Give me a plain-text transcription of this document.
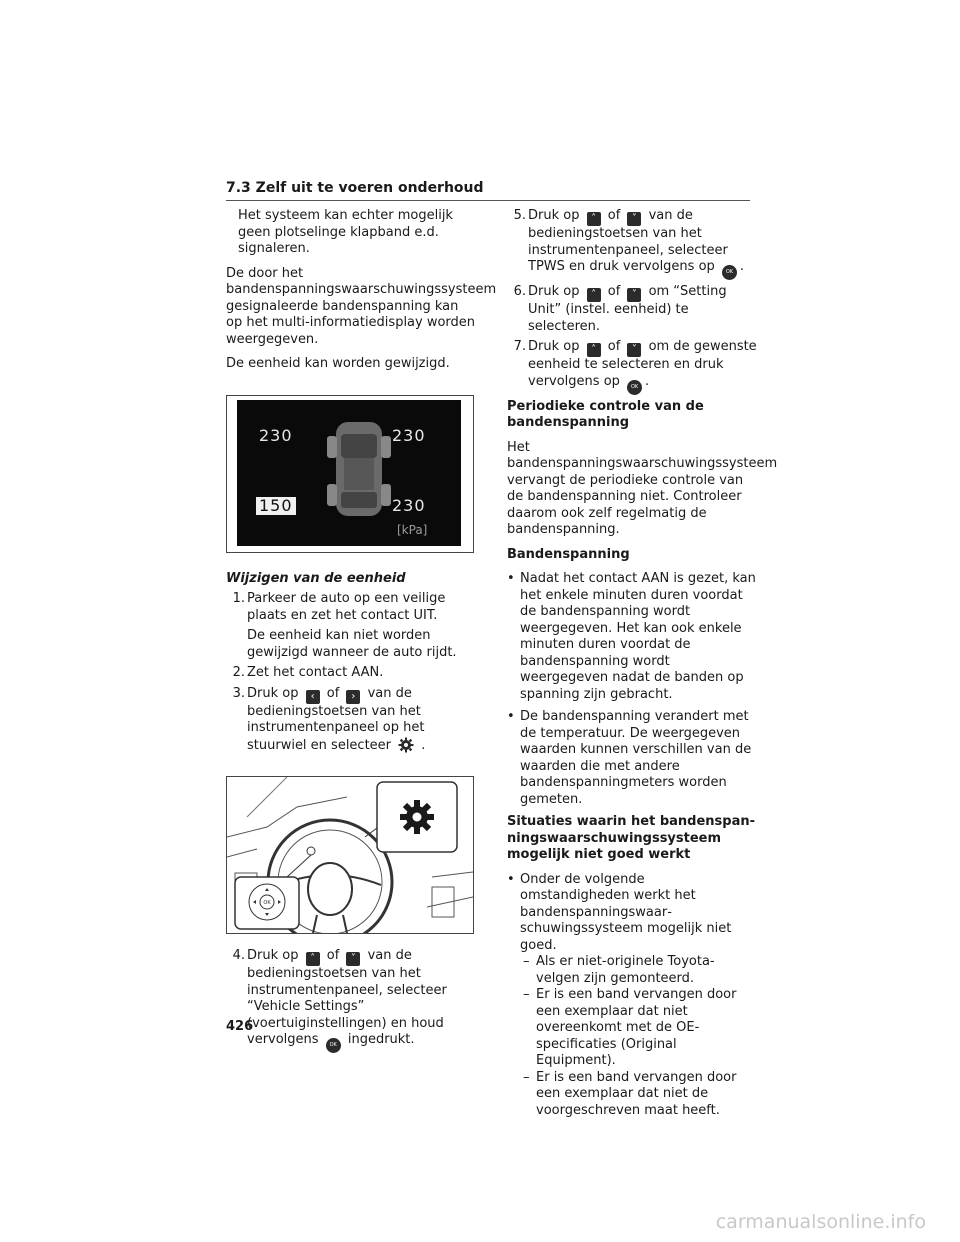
7.3 Zelf uit te voeren onderhoud

Het systeem kan echter mogelijk geen plotselinge klapband e.d. signaleren.

De door het bandenspanningswaarschuwingssysteem gesignaleerde bandenspanning kan op het multi-informatiedisplay worden weergegeven.

De eenheid kan worden gewijzigd.

230	230
150	230
[kPa]
Wijzigen van de eenheid
1. Parkeer de auto op een veilige plaats en zet het contact UIT.
De eenheid kan niet worden gewijzigd wanneer de auto rijdt.
2. Zet het contact AAN.
3. Druk op ‹ of › van de bedieningstoetsen van het instrumentenpaneel op het stuurwiel en selecteer .
OK
4. Druk op ˄ of ˅ van de bedieningstoetsen van het instrumentenpaneel, selecteer “Vehicle Settings” (voertuiginstellingen) en houd vervolgens OK ingedrukt.
5. Druk op ˄ of ˅ van de bedieningstoetsen van het instrumentenpaneel, selecteer TPWS en druk vervolgens op OK .
6. Druk op ˄ of ˅ om “Setting Unit” (instel. eenheid) te selecteren.
7. Druk op ˄ of ˅ om de gewenste eenheid te selecteren en druk vervolgens op OK .
Periodieke controle van de bandenspanning

Het bandenspanningswaarschuwingssysteem vervangt de periodieke controle van de bandenspanning niet. Controleer daarom ook zelf regelmatig de bandenspanning.

Bandenspanning
• Nadat het contact AAN is gezet, kan het enkele minuten duren voordat de bandenspanning wordt weergegeven. Het kan ook enkele minuten duren voordat de bandenspanning wordt weergegeven nadat de banden op spanning zijn gebracht.
• De bandenspanning verandert met de temperatuur. De weergegeven waarden kunnen verschillen van de waarden die met andere bandenspanningmeters worden gemeten.
Situaties waarin het bandenspanningswaarschuwingssysteem mogelijk niet goed werkt
• Onder de volgende omstandigheden werkt het bandenspanningswaarschuwingssysteem mogelijk niet goed.
– Als er niet-originele Toyota-velgen zijn gemonteerd.
– Er is een band vervangen door een exemplaar dat niet overeenkomt met de OE-specificaties (Original Equipment).
– Er is een band vervangen door een exemplaar dat niet de voorgeschreven maat heeft.
426
carmanualsonline.info
